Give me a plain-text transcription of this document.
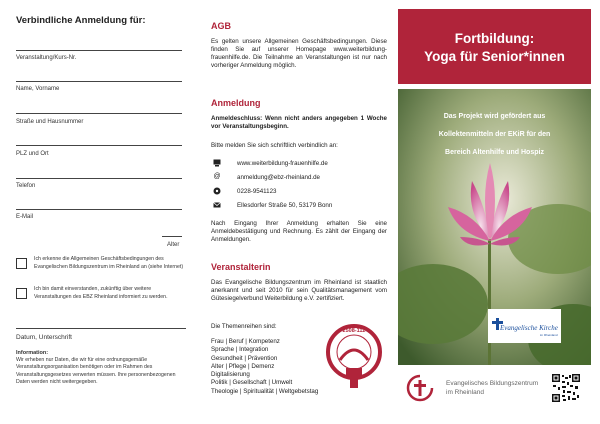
Verbindliche Anmeldung für:
Veranstaltung/Kurs-Nr.
Name, Vorname
Straße und Hausnummer
PLZ und Ort
Telefon
E-Mail
Alter
Ich erkenne die Allgemeinen Geschäftsbedingungen des Evangelischen Bildungszentrum im Rheinland an (siehe Internet)
Ich bin damit einverstanden, zukünftig über weitere Veranstaltungen des EBZ Rheinland informiert zu werden.
Datum, Unterschrift
Information:
Wir erheben nur Daten, die wir für eine ordnungsgemäße Veranstaltungsorganisation benötigen oder im Rahmen des Veranstaltungsgesetzes verwerten müssen. Ihre personenbezogenen Daten werden nicht weitergegeben.
AGB
Es gelten unsere Allgemeinen Geschäftsbedingungen. Diese finden Sie auf unserer Homepage www.weiterbildung-frauenhilfe.de. Die Teilnahme an Veranstaltungen ist nur nach vorheriger Anmeldung möglich.
Anmeldung
Anmeldeschluss: Wenn nicht anders angegeben 1 Woche vor Veranstaltungsbeginn.
Bitte melden Sie sich schriftlich verbindlich an:
www.weiterbildung-frauenhilfe.de
@	anmeldung@ebz-rheinland.de
0228-9541123
Ellesdorfer Straße 50, 53179 Bonn
Nach Eingang Ihrer Anmeldung erhalten Sie eine Anmeldebestätigung und Rechnung. Es zählt der Eingang der Anmeldungen.
Veranstalterin
Das Evangelische Bildungszentrum im Rheinland ist staatlich anerkannt und seit 2010 für sein Qualitätsmanagement vom Gütesiegelverbund Weiterbildung e.V. zertifiziert.
Die Themenreihen sind:
Frau | Beruf | Kompetenz
Sprache | Integration
Gesundheit | Prävention
Alter | Pflege | Demenz
Digitalisierung
Politik | Gesellschaft | Umwelt
Theologie | Spiritualität | Weltgebetstag
2508-112
Fortbildung:
Yoga für Senior*innen
Das Projekt wird gefördert aus
Kollektenmitteln der EKiR für den
Bereich Altenhilfe und Hospiz
Evangelische Kirche
im Rheinland
Evangelisches Bildungszentrum
im Rheinland
